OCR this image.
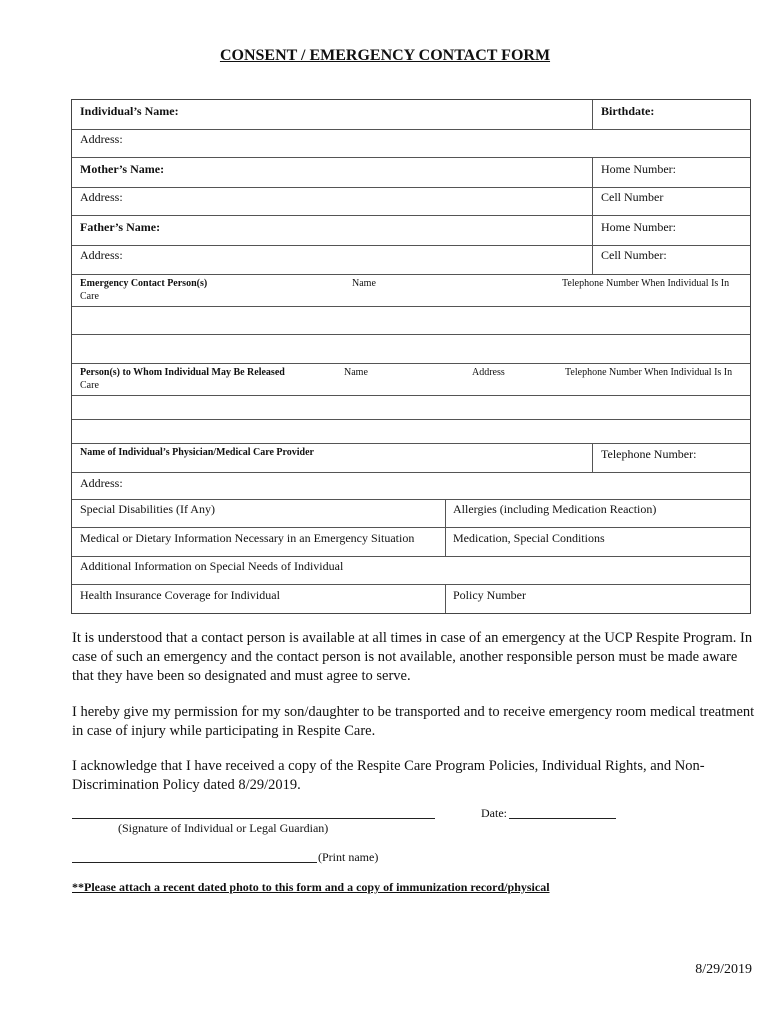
CONSENT / EMERGENCY CONTACT FORM
Individual’s Name:	Birthdate:
Address:
Mother’s Name:	Home Number:
Address:	Cell Number
Father’s Name:	Home Number:
Address:	Cell Number:
Emergency Contact Person(s)	Name	Telephone Number When Individual Is In
Care
Person(s) to Whom Individual May Be Released	Name	Address	Telephone Number When Individual Is In
Care
Name of Individual’s Physician/Medical Care Provider	Telephone Number:
Address:
Special Disabilities (If Any)	Allergies (including Medication Reaction)
Medical or Dietary Information Necessary in an Emergency Situation	Medication, Special Conditions
Additional Information on Special Needs of Individual
Health Insurance Coverage for Individual	Policy Number
It is understood that a contact person is available at all times in case of an emergency at the UCP Respite Program. In case of such an emergency and the contact person is not available, another responsible person must be made aware that they have been so designated and must agree to serve.
I hereby give my permission for my son/daughter to be transported and to receive emergency room medical treatment in case of injury while participating in Respite Care.
I acknowledge that I have received a copy of the Respite Care Program Policies, Individual Rights, and Non-Discrimination Policy dated 8/29/2019.
Date:
(Signature of Individual or Legal Guardian)
(Print name)
**Please attach a recent dated photo to this form and a copy of immunization record/physical
8/29/2019
